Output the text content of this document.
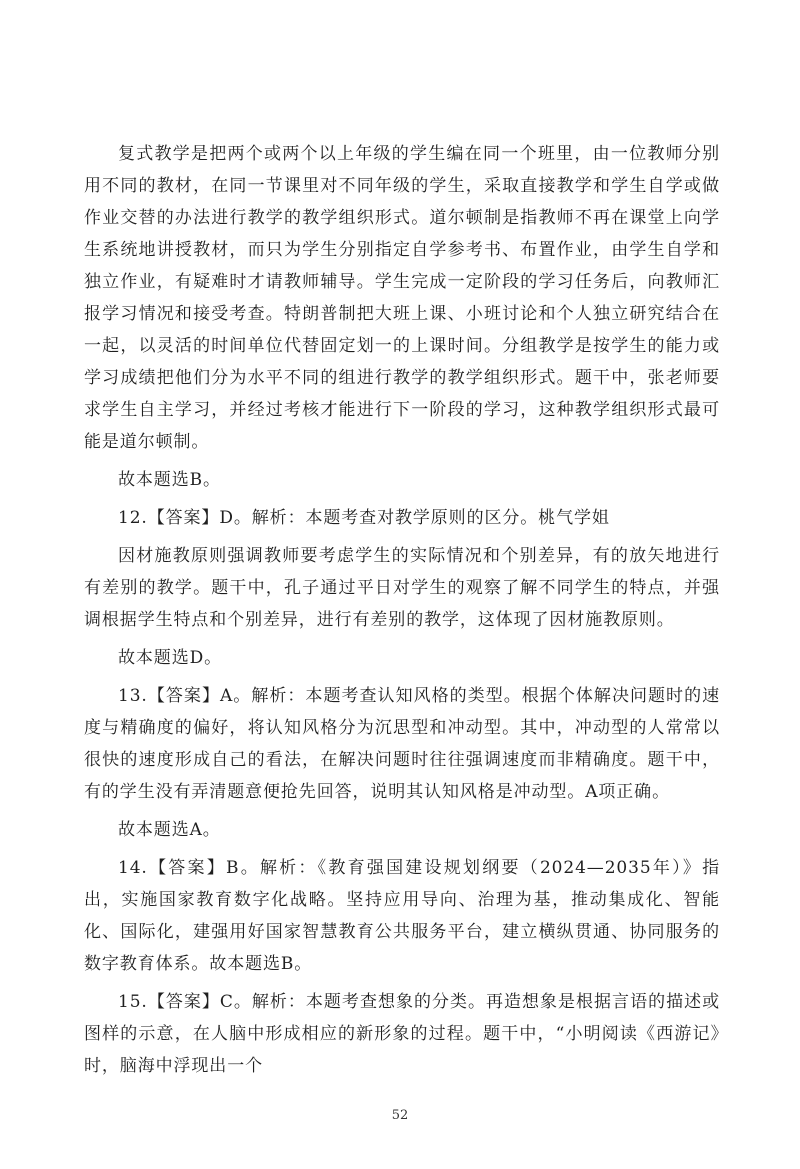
复式教学是把两个或两个以上年级的学生编在同一个班里，由一位教师分别用不同的教材，在同一节课里对不同年级的学生，采取直接教学和学生自学或做作业交替的办法进行教学的教学组织形式。道尔顿制是指教师不再在课堂上向学生系统地讲授教材，而只为学生分别指定自学参考书、布置作业，由学生自学和独立作业，有疑难时才请教师辅导。学生完成一定阶段的学习任务后，向教师汇报学习情况和接受考查。特朗普制把大班上课、小班讨论和个人独立研究结合在一起，以灵活的时间单位代替固定划一的上课时间。分组教学是按学生的能力或学习成绩把他们分为水平不同的组进行教学的教学组织形式。题干中，张老师要求学生自主学习，并经过考核才能进行下一阶段的学习，这种教学组织形式最可能是道尔顿制。

故本题选B。

12.【答案】D。解析：本题考查对教学原则的区分。桃气学姐

因材施教原则强调教师要考虑学生的实际情况和个别差异，有的放矢地进行有差别的教学。题干中，孔子通过平日对学生的观察了解不同学生的特点，并强调根据学生特点和个别差异，进行有差别的教学，这体现了因材施教原则。

故本题选D。

13.【答案】A。解析：本题考查认知风格的类型。根据个体解决问题时的速度与精确度的偏好，将认知风格分为沉思型和冲动型。其中，冲动型的人常常以很快的速度形成自己的看法，在解决问题时往往强调速度而非精确度。题干中，有的学生没有弄清题意便抢先回答，说明其认知风格是冲动型。A项正确。

故本题选A。

14.【答案】B。解析：《教育强国建设规划纲要（2024—2035年）》指出，实施国家教育数字化战略。坚持应用导向、治理为基，推动集成化、智能化、国际化，建强用好国家智慧教育公共服务平台，建立横纵贯通、协同服务的数字教育体系。故本题选B。

15.【答案】C。解析：本题考查想象的分类。再造想象是根据言语的描述或图样的示意，在人脑中形成相应的新形象的过程。题干中，“小明阅读《西游记》时，脑海中浮现出一个

52
